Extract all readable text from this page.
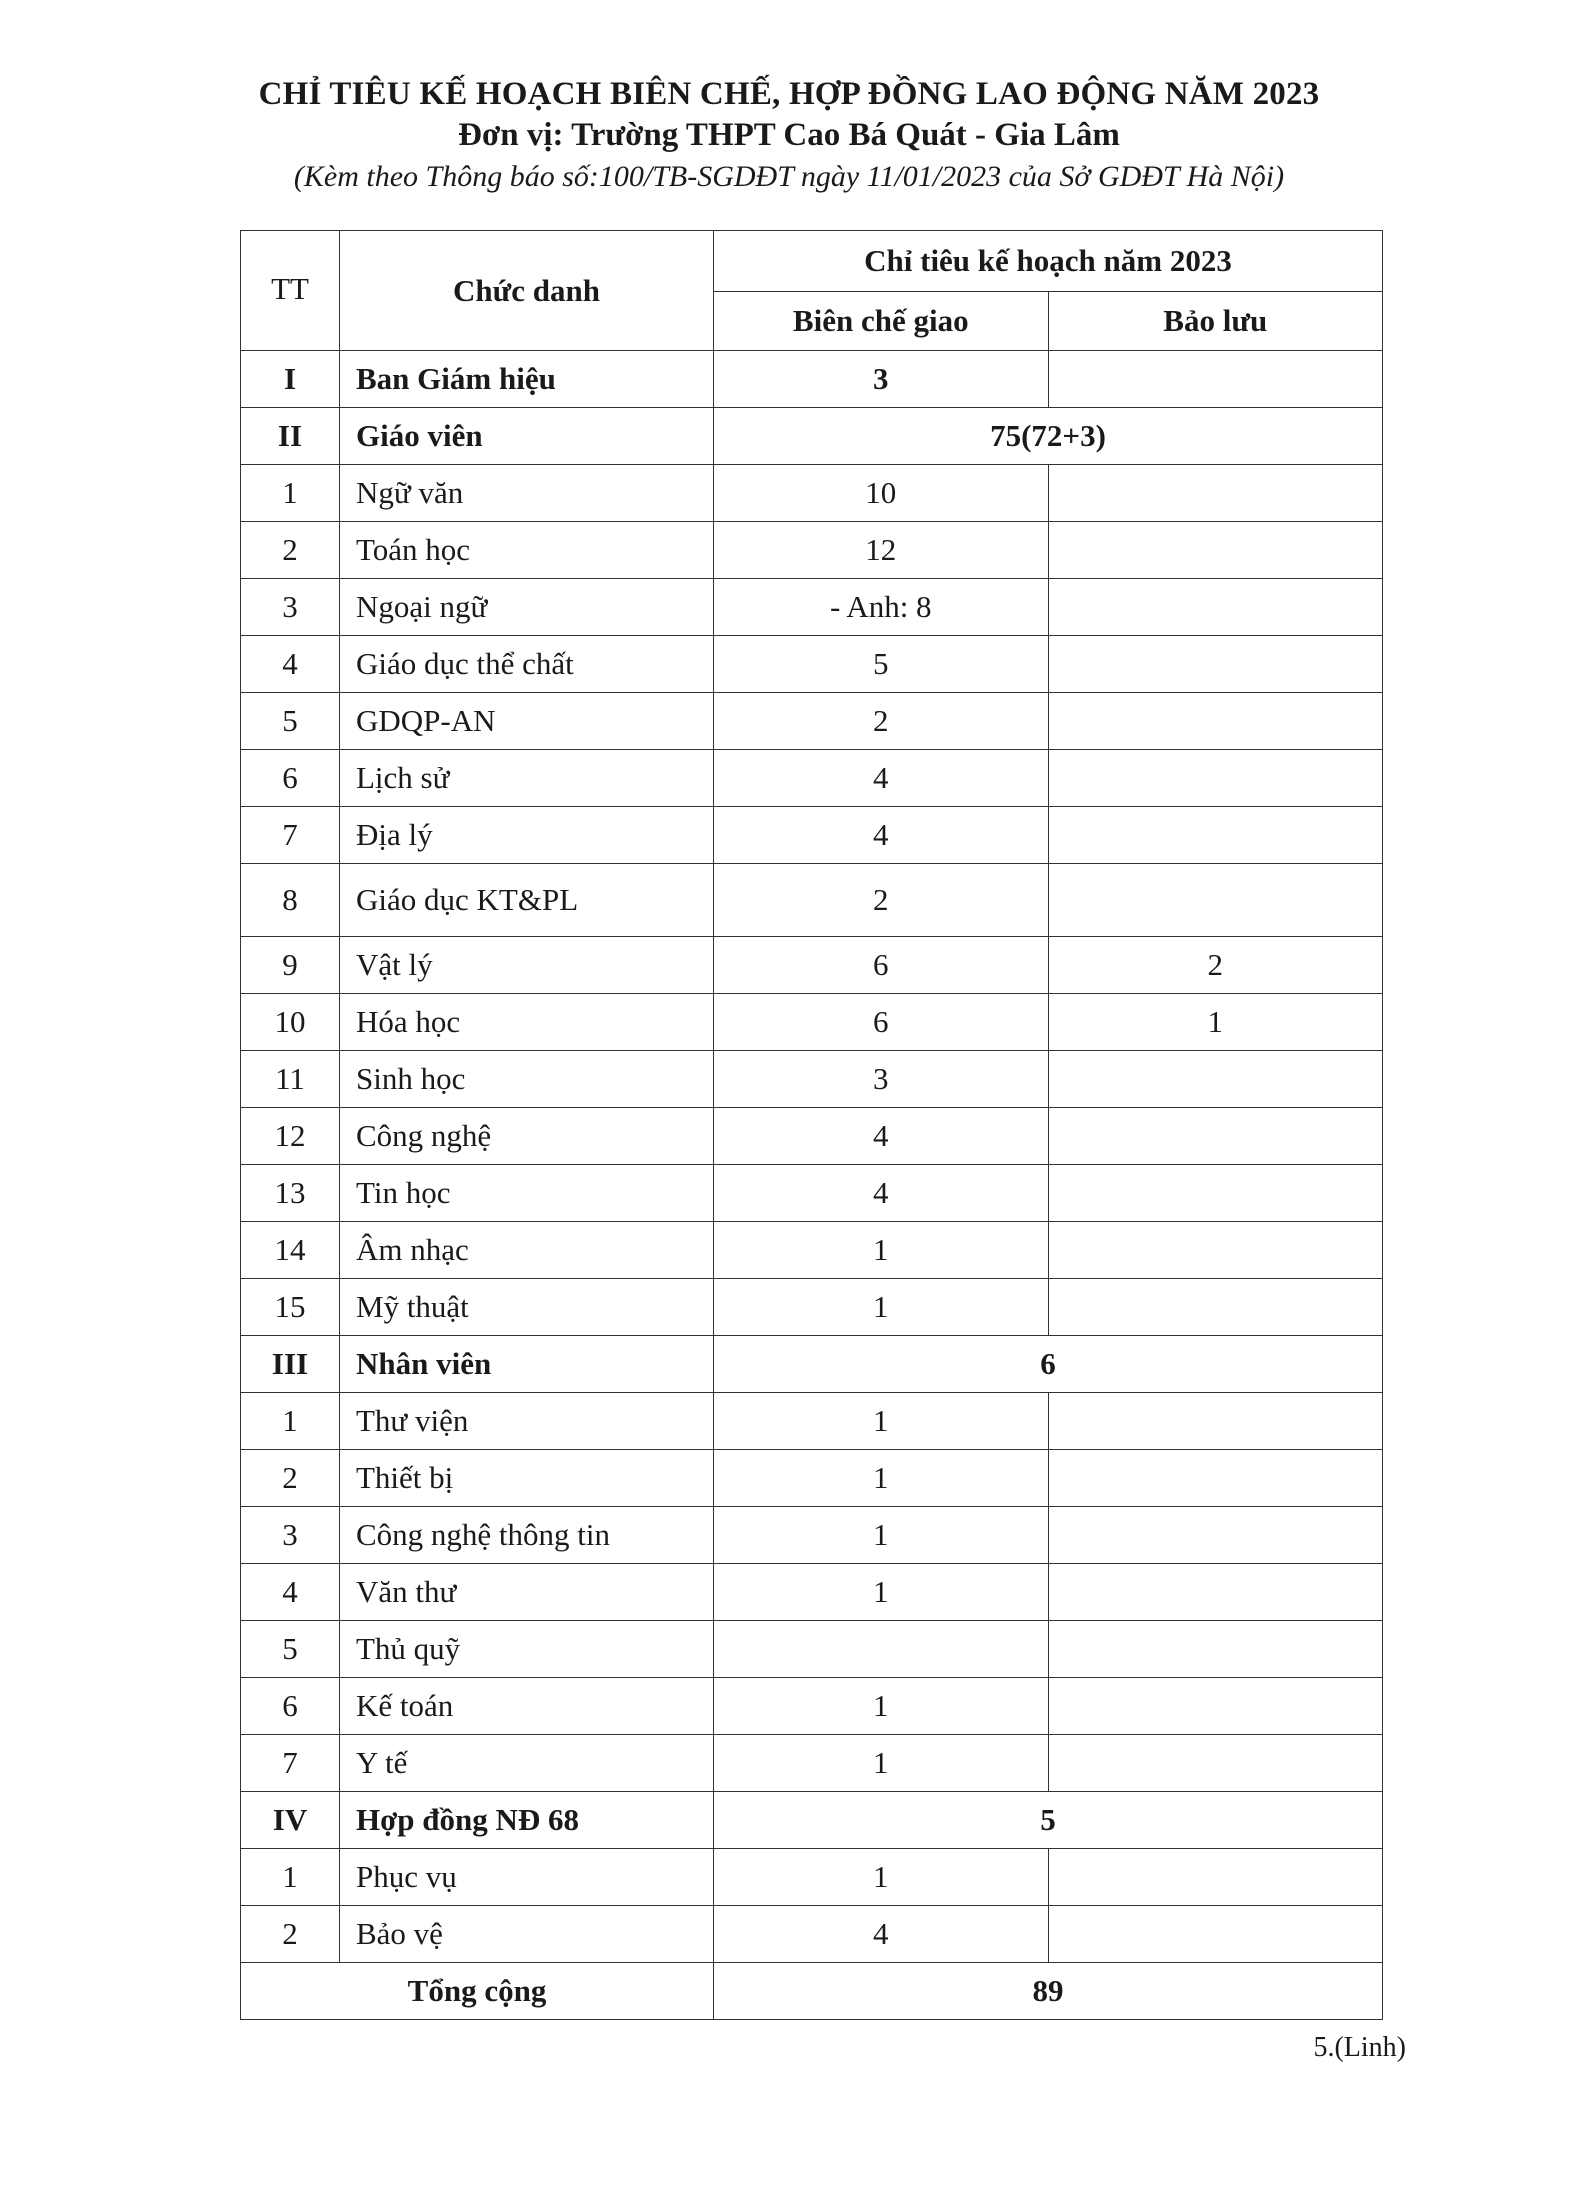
CHỈ TIÊU KẾ HOẠCH BIÊN CHẾ, HỢP ĐỒNG LAO ĐỘNG NĂM 2023

Đơn vị: Trường THPT Cao Bá Quát - Gia Lâm

(Kèm theo Thông báo số:100/TB-SGDĐT ngày 11/01/2023 của Sở GDĐT Hà Nội)

TT	Chức danh	Chỉ tiêu kế hoạch năm 2023	
		Biên chế giao	Bảo lưu
I	Ban Giám hiệu	3	
II	Giáo viên	75(72+3)	
1	Ngữ văn	10	
2	Toán học	12	
3	Ngoại ngữ	- Anh: 8	
4	Giáo dục thể chất	5	
5	GDQP-AN	2	
6	Lịch sử	4	
7	Địa lý	4	
8	Giáo dục KT&PL	2	
9	Vật lý	6	2
10	Hóa học	6	1
11	Sinh học	3	
12	Công nghệ	4	
13	Tin học	4	
14	Âm nhạc	1	
15	Mỹ thuật	1	
III	Nhân viên	6	
1	Thư viện	1	
2	Thiết bị	1	
3	Công nghệ thông tin	1	
4	Văn thư	1	
5	Thủ quỹ		
6	Kế toán	1	
7	Y tế	1	
IV	Hợp đồng NĐ 68	5	
1	Phục vụ	1	
2	Bảo vệ	4	
Tổng cộng		89	
5.(Linh)
